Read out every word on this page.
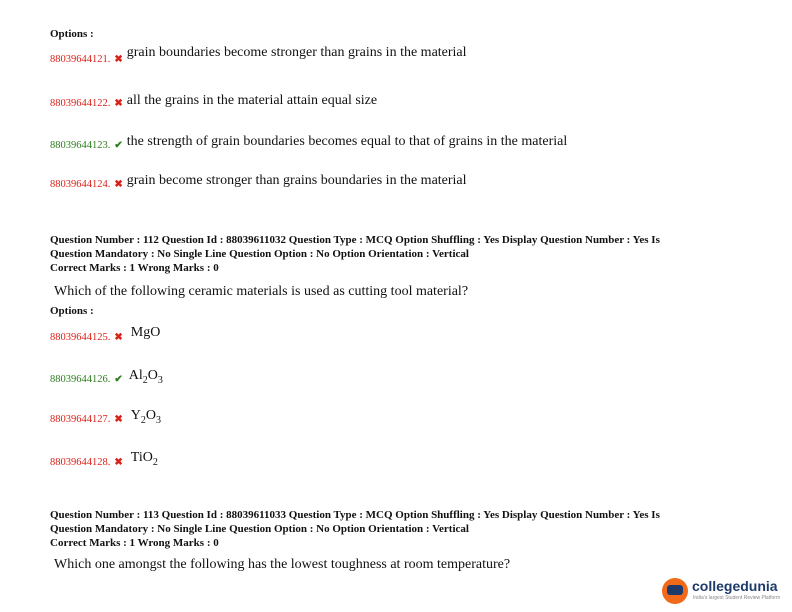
Options :
88039644121. ✖ grain boundaries become stronger than grains in the material
88039644122. ✖ all the grains in the material attain equal size
88039644123. ✔ the strength of grain boundaries becomes equal to that of grains in the material
88039644124. ✖ grain become stronger than grains boundaries in the material
Question Number : 112 Question Id : 88039611032 Question Type : MCQ Option Shuffling : Yes Display Question Number : Yes Is
Question Mandatory : No Single Line Question Option : No Option Orientation : Vertical
Correct Marks : 1 Wrong Marks : 0
Which of the following ceramic materials is used as cutting tool material?
Options :
88039644125. ✖ MgO
88039644126. ✔ $Al_2O_3$
88039644127. ✖ $Y_2O_3$
88039644128. ✖ TiO$_2$
Question Number : 113 Question Id : 88039611033 Question Type : MCQ Option Shuffling : Yes Display Question Number : Yes Is
Question Mandatory : No Single Line Question Option : No Option Orientation : Vertical
Correct Marks : 1 Wrong Marks : 0
Which one amongst the following has the lowest toughness at room temperature?
collegedunia
India's largest Student Review Platform
